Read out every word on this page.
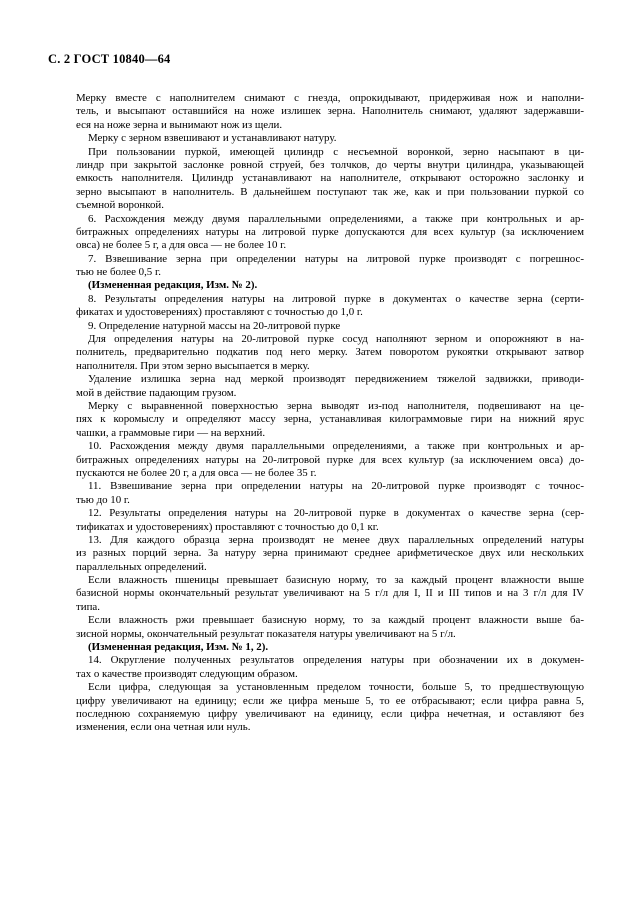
С. 2 ГОСТ 10840—64
Мерку вместе с наполнителем снимают с гнезда, опрокидывают, придерживая нож и наполни-
тель, и высыпают оставшийся на ноже излишек зерна. Наполнитель снимают, удаляют задержавши-
еся на ноже зерна и вынимают нож из щели.
Мерку с зерном взвешивают и устанавливают натуру.
При пользовании пуркой, имеющей цилиндр с несъемной воронкой, зерно насыпают в ци-
линдр при закрытой заслонке ровной струей, без толчков, до черты внутри цилиндра, указывающей
емкость наполнителя. Цилиндр устанавливают на наполнителе, открывают осторожно заслонку и
зерно высыпают в наполнитель. В дальнейшем поступают так же, как и при пользовании пуркой со
съемной воронкой.
6. Расхождения между двумя параллельными определениями, а также при контрольных и ар-
битражных определениях натуры на литровой пурке допускаются для всех культур (за исключением
овса) не более 5 г, а для овса — не более 10 г.
7. Взвешивание зерна при определении натуры на литровой пурке производят с погрешнос-
тью не более 0,5 г.
(Измененная редакция, Изм. № 2).
8. Результаты определения натуры на литровой пурке в документах о качестве зерна (серти-
фикатах и удостоверениях) проставляют с точностью до 1,0 г.
9. Определение натурной массы на 20-литровой пурке
Для определения натуры на 20-литровой пурке сосуд наполняют зерном и опорожняют в на-
полнитель, предварительно подкатив под него мерку. Затем поворотом рукоятки открывают затвор
наполнителя. При этом зерно высыпается в мерку.
Удаление излишка зерна над меркой производят передвижением тяжелой задвижки, приводи-
мой в действие падающим грузом.
Мерку с выравненной поверхностью зерна выводят из-под наполнителя, подвешивают на це-
пях к коромыслу и определяют массу зерна, устанавливая килограммовые гири на нижний ярус
чашки, а граммовые гири — на верхний.
10. Расхождения между двумя параллельными определениями, а также при контрольных и ар-
битражных определениях натуры на 20-литровой пурке для всех культур (за исключением овса) до-
пускаются не более 20 г, а для овса — не более 35 г.
11. Взвешивание зерна при определении натуры на 20-литровой пурке производят с точнос-
тью до 10 г.
12. Результаты определения натуры на 20-литровой пурке в документах о качестве зерна (сер-
тификатах и удостоверениях) проставляют с точностью до 0,1 кг.
13. Для каждого образца зерна производят не менее двух параллельных определений натуры
из разных порций зерна. За натуру зерна принимают среднее арифметическое двух или нескольких
параллельных определений.
Если влажность пшеницы превышает базисную норму, то за каждый процент влажности выше
базисной нормы окончательный результат увеличивают на 5 г/л для I, II и III типов и на 3 г/л для IV
типа.
Если влажность ржи превышает базисную норму, то за каждый процент влажности выше ба-
зисной нормы, окончательный результат показателя натуры увеличивают на 5 г/л.
(Измененная редакция, Изм. № 1, 2).
14. Округление полученных результатов определения натуры при обозначении их в докумен-
тах о качестве производят следующим образом.
Если цифра, следующая за установленным пределом точности, больше 5, то предшествующую
цифру увеличивают на единицу; если же цифра меньше 5, то ее отбрасывают; если цифра равна 5,
последнюю сохраняемую цифру увеличивают на единицу, если цифра нечетная, и оставляют без
изменения, если она четная или нуль.
